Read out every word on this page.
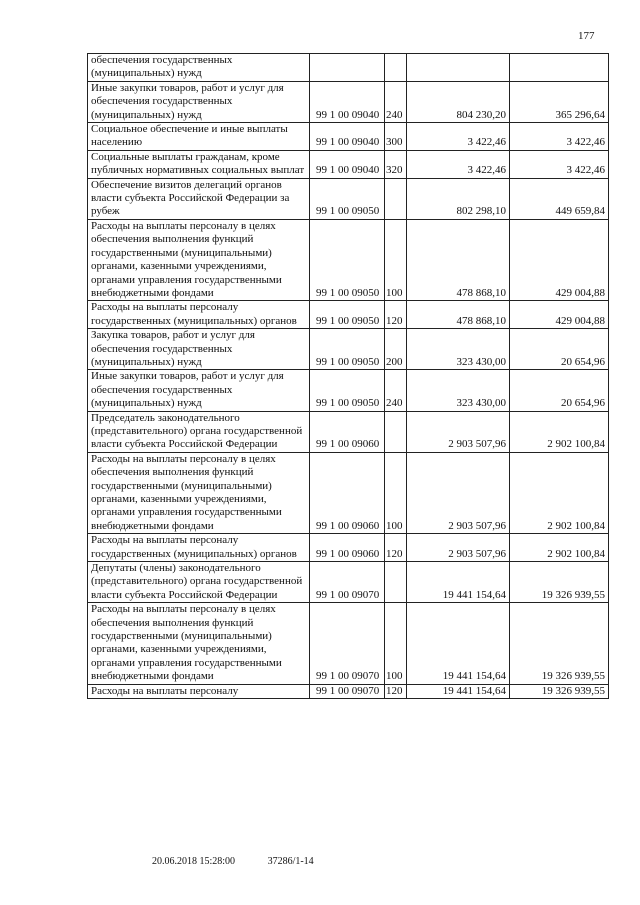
177
обеспечения государственных (муниципальных) нужд				
Иные закупки товаров, работ и услуг для обеспечения государственных (муниципальных) нужд	99 1 00 09040	240	804 230,20	365 296,64
Социальное обеспечение и иные выплаты населению	99 1 00 09040	300	3 422,46	3 422,46
Социальные выплаты гражданам, кроме публичных нормативных социальных выплат	99 1 00 09040	320	3 422,46	3 422,46
Обеспечение визитов делегаций органов власти субъекта Российской Федерации за рубеж	99 1 00 09050		802 298,10	449 659,84
Расходы на выплаты персоналу в целях обеспечения выполнения функций государственными (муниципальными) органами, казенными учреждениями, органами управления государственными внебюджетными фондами	99 1 00 09050	100	478 868,10	429 004,88
Расходы на выплаты персоналу государственных (муниципальных) органов	99 1 00 09050	120	478 868,10	429 004,88
Закупка товаров, работ и услуг для обеспечения государственных (муниципальных) нужд	99 1 00 09050	200	323 430,00	20 654,96
Иные закупки товаров, работ и услуг для обеспечения государственных (муниципальных) нужд	99 1 00 09050	240	323 430,00	20 654,96
Председатель законодательного (представительного) органа государственной власти субъекта Российской Федерации	99 1 00 09060		2 903 507,96	2 902 100,84
Расходы на выплаты персоналу в целях обеспечения выполнения функций государственными (муниципальными) органами, казенными учреждениями, органами управления государственными внебюджетными фондами	99 1 00 09060	100	2 903 507,96	2 902 100,84
Расходы на выплаты персоналу государственных (муниципальных) органов	99 1 00 09060	120	2 903 507,96	2 902 100,84
Депутаты (члены) законодательного (представительного) органа государственной власти субъекта Российской Федерации	99 1 00 09070		19 441 154,64	19 326 939,55
Расходы на выплаты персоналу в целях обеспечения выполнения функций государственными (муниципальными) органами, казенными учреждениями, органами управления государственными внебюджетными фондами	99 1 00 09070	100	19 441 154,64	19 326 939,55
Расходы на выплаты персоналу	99 1 00 09070	120	19 441 154,64	19 326 939,55
20.06.2018 15:28:00	37286/1-14
